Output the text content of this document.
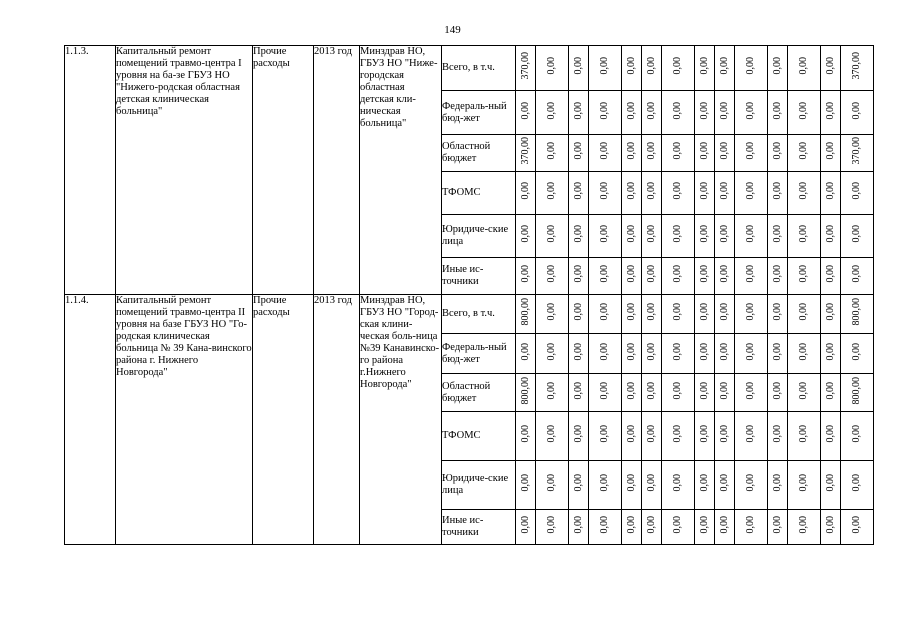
149
1.1.3.	Капитальный ремонт помещений травмо-центра I уровня на ба-зе ГБУЗ НО "Нижего-родская областная детская клиническая больница"	Прочие расходы	2013 год	Минздрав НО, ГБУЗ НО "Ниже-городская областная детская кли-ническая больница"	Всего, в т.ч.	370,00	0,00	0,00	0,00	0,00	0,00	0,00	0,00	0,00	0,00	0,00	0,00	0,00	370,00
					Федераль-ный бюд-жет	0,00	0,00	0,00	0,00	0,00	0,00	0,00	0,00	0,00	0,00	0,00	0,00	0,00	0,00
					Областной бюджет	370,00	0,00	0,00	0,00	0,00	0,00	0,00	0,00	0,00	0,00	0,00	0,00	0,00	370,00
					ТФОМС	0,00	0,00	0,00	0,00	0,00	0,00	0,00	0,00	0,00	0,00	0,00	0,00	0,00	0,00
					Юридиче-ские лица	0,00	0,00	0,00	0,00	0,00	0,00	0,00	0,00	0,00	0,00	0,00	0,00	0,00	0,00
					Иные ис-точники	0,00	0,00	0,00	0,00	0,00	0,00	0,00	0,00	0,00	0,00	0,00	0,00	0,00	0,00
1.1.4.	Капитальный ремонт помещений травмо-центра II уровня на базе ГБУЗ НО "Го-родская клиническая больница № 39 Кана-винского района г. Нижнего Новгорода"	Прочие расходы	2013 год	Минздрав НО, ГБУЗ НО "Город-ская клини-ческая боль-ница №39 Канавинско-го района г.Нижнего Новгорода"	Всего, в т.ч.	800,00	0,00	0,00	0,00	0,00	0,00	0,00	0,00	0,00	0,00	0,00	0,00	0,00	800,00
					Федераль-ный бюд-жет	0,00	0,00	0,00	0,00	0,00	0,00	0,00	0,00	0,00	0,00	0,00	0,00	0,00	0,00
					Областной бюджет	800,00	0,00	0,00	0,00	0,00	0,00	0,00	0,00	0,00	0,00	0,00	0,00	0,00	800,00
					ТФОМС	0,00	0,00	0,00	0,00	0,00	0,00	0,00	0,00	0,00	0,00	0,00	0,00	0,00	0,00
					Юридиче-ские лица	0,00	0,00	0,00	0,00	0,00	0,00	0,00	0,00	0,00	0,00	0,00	0,00	0,00	0,00
					Иные ис-точники	0,00	0,00	0,00	0,00	0,00	0,00	0,00	0,00	0,00	0,00	0,00	0,00	0,00	0,00
